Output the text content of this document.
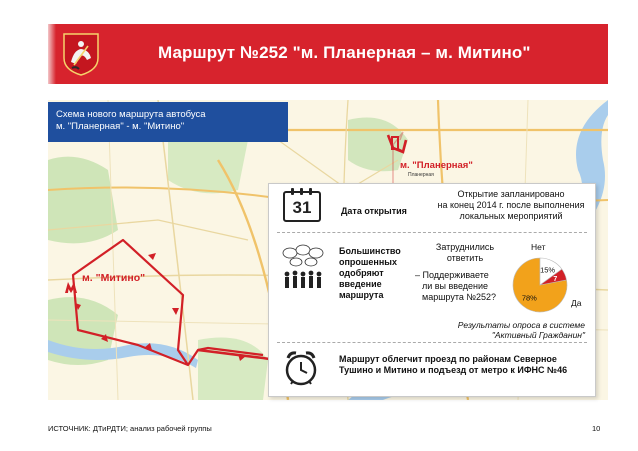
Маршрут №252 "м. Планерная – м. Митино"
Схема нового маршрута автобуса
м. "Планерная" - м. "Митино"
м. "Митино"
м. "Планерная"
Планерная
31	Дата открытия
Открытие запланировано
на конец 2014 г. после выполнения
локальных мероприятий
Большинство
опрошенных
одобряют
введение
маршрута
Затруднились
ответить
– Поддерживаете
ли вы введение
маршрута №252?
Нет
78%
15%
7
Да
Результаты опроса в системе
"Активный Гражданин"
Маршрут облегчит проезд по районам Северное
Тушино и Митино и подъезд от метро к ИФНС №46
ИСТОЧНИК: ДТиРДТИ; анализ рабочей группы	10
